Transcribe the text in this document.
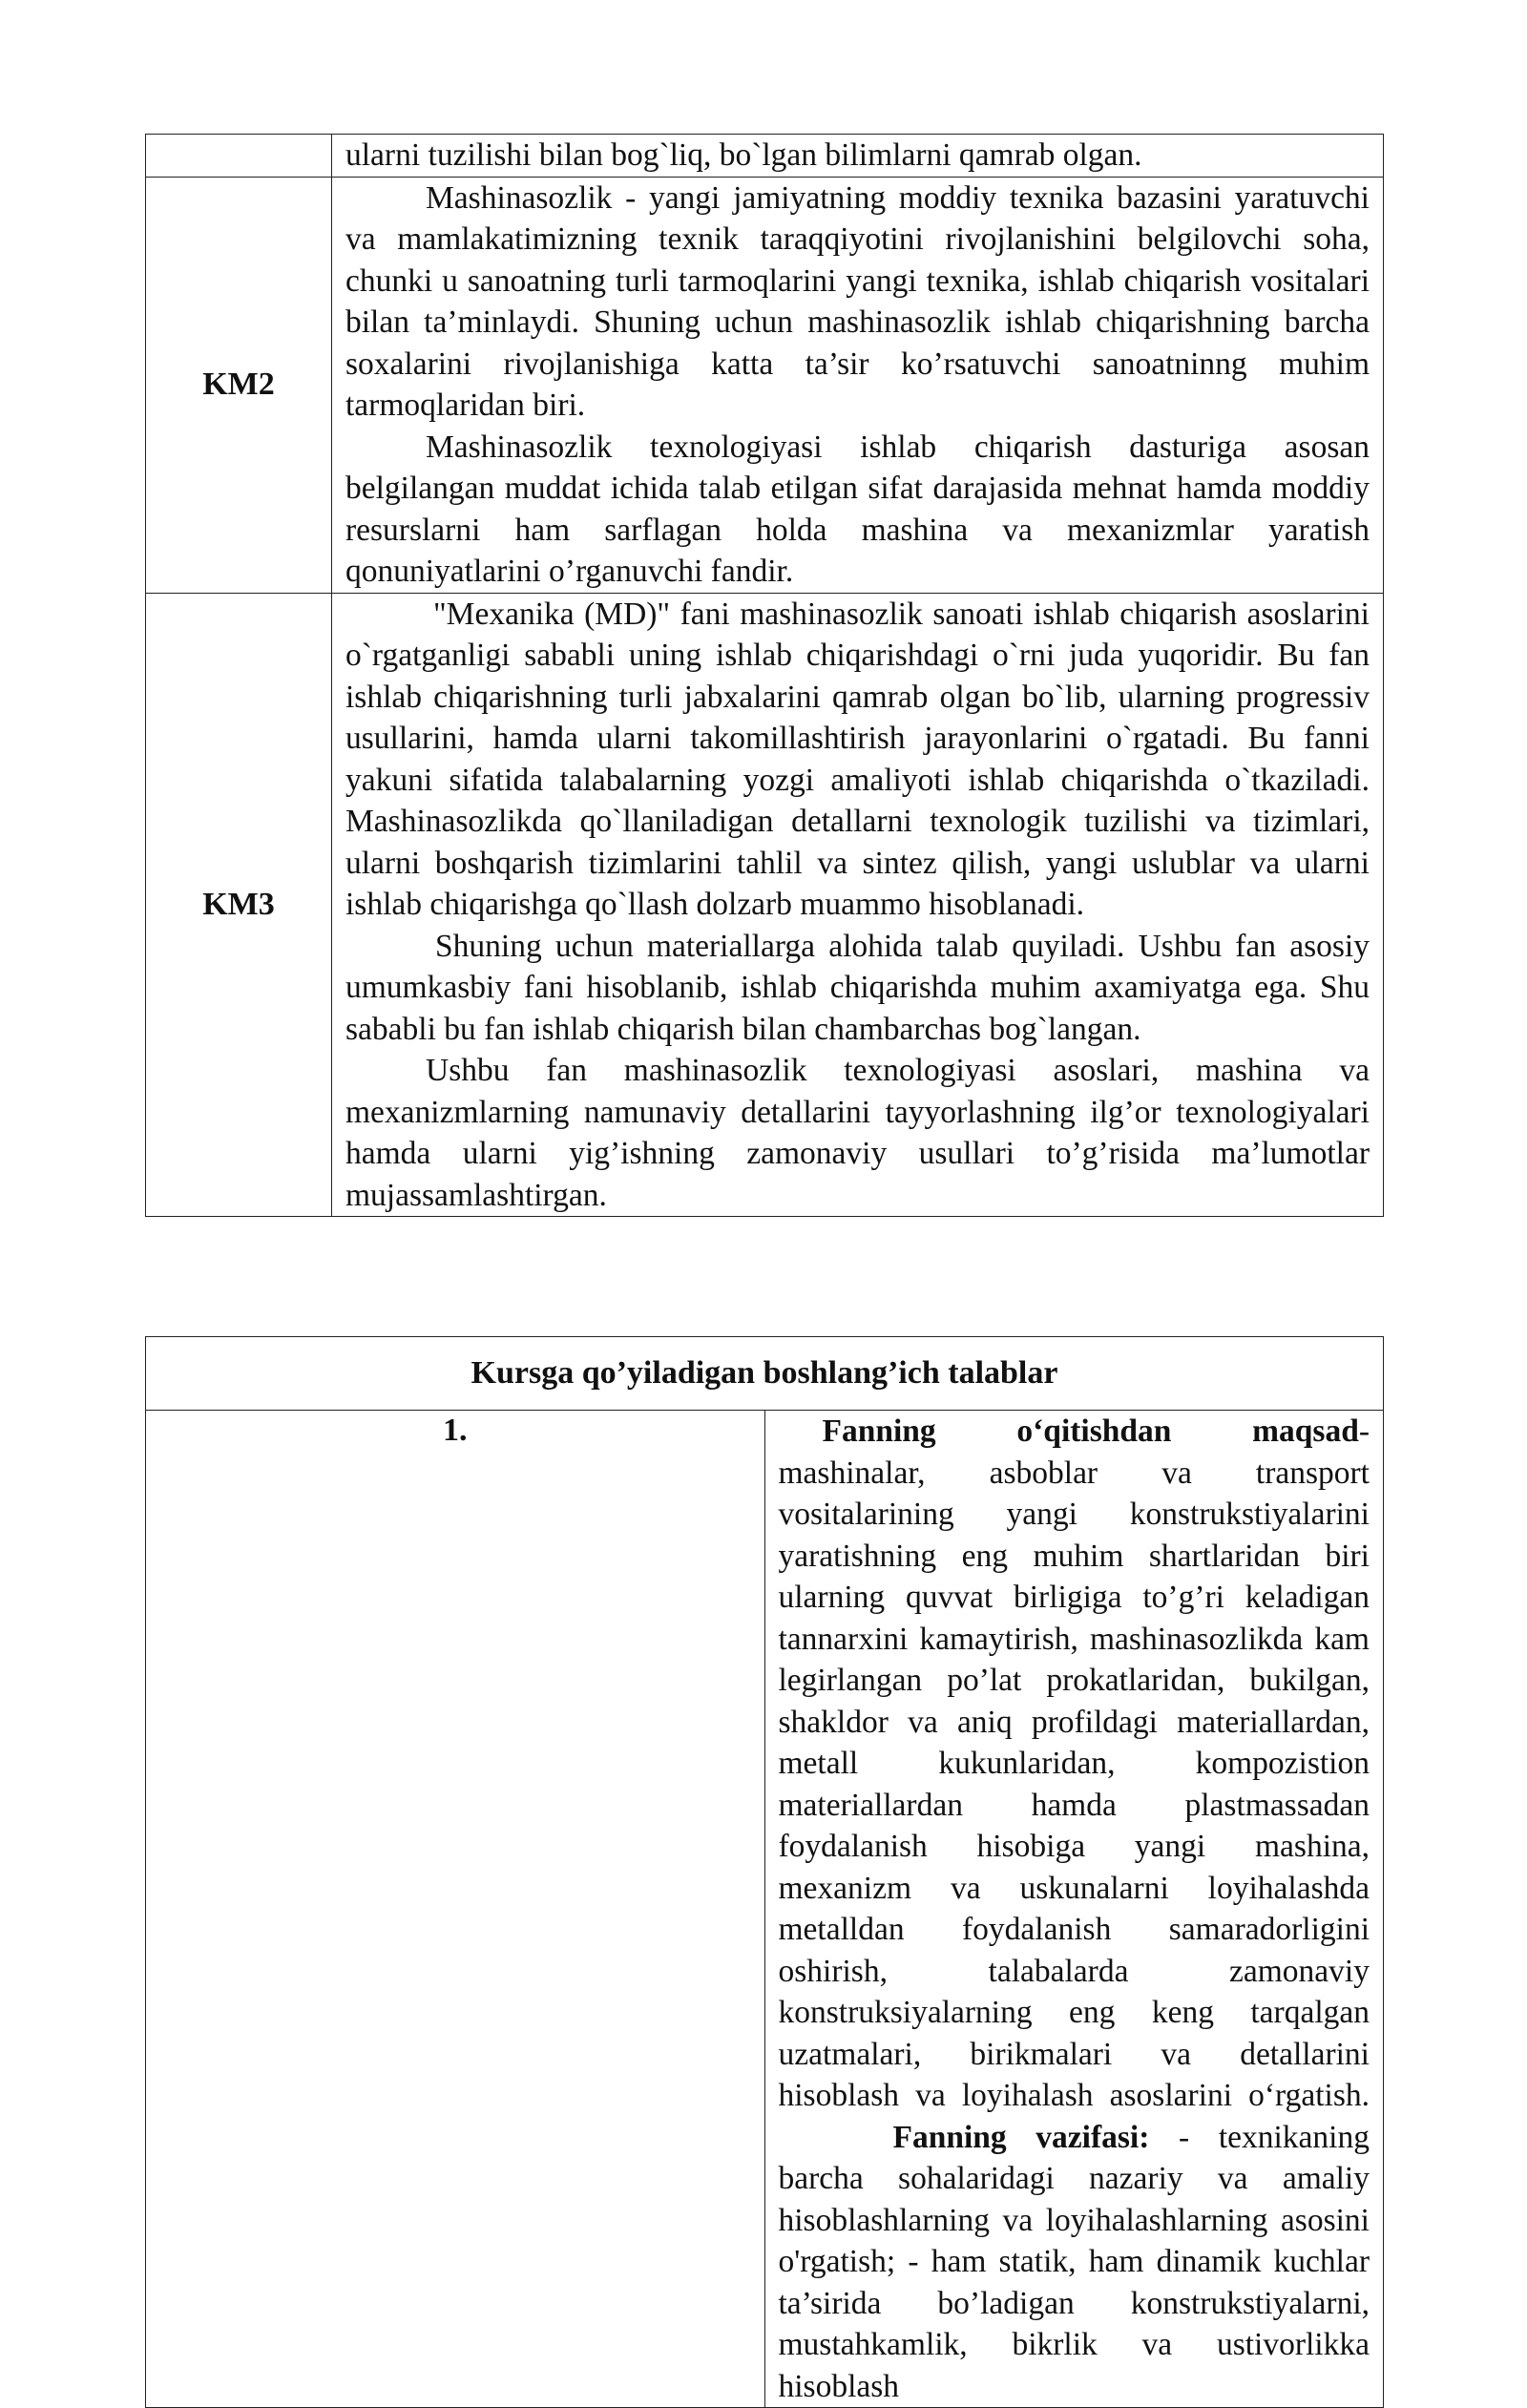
	ularni tuzilishi bilan bog`liq, bo`lgan bilimlarni qamrab olgan.

KM2	Mashinasozlik - yangi jamiyatning moddiy texnika bazasini yaratuvchi va mamlakatimizning texnik taraqqiyotini rivojlanishini belgilovchi soha, chunki u sanoatning turli tarmoqlarini yangi texnika, ishlab chiqarish vositalari bilan ta’minlaydi. Shuning uchun mashinasozlik ishlab chiqarishning barcha soxalarini rivojlanishiga katta ta’sir ko’rsatuvchi sanoatninng muhim tarmoqlaridan biri.

Mashinasozlik texnologiyasi ishlab chiqarish dasturiga asosan belgilangan muddat ichida talab etilgan sifat darajasida mehnat hamda moddiy resurslarni ham sarflagan holda mashina va mexanizmlar yaratish qonuniyatlarini o’rganuvchi fandir.

KM3	"Mexanika (MD)" fani mashinasozlik sanoati ishlab chiqarish asoslarini o`rgatganligi sababli uning ishlab chiqarishdagi o`rni juda yuqoridir. Bu fan ishlab chiqarishning turli jabxalarini qamrab olgan bo`lib, ularning progressiv usullarini, hamda ularni takomillashtirish jarayonlarini o`rgatadi. Bu fanni yakuni sifatida talabalarning yozgi amaliyoti ishlab chiqarishda o`tkaziladi. Mashinasozlikda qo`llaniladigan detallarni texnologik tuzilishi va tizimlari, ularni boshqarish tizimlarini tahlil va sintez qilish, yangi uslublar va ularni ishlab chiqarishga qo`llash dolzarb muammo hisoblanadi.

Shuning uchun materiallarga alohida talab quyiladi. Ushbu fan asosiy umumkasbiy fani hisoblanib, ishlab chiqarishda muhim axamiyatga ega. Shu sababli bu fan ishlab chiqarish bilan chambarchas bog`langan.

Ushbu fan mashinasozlik texnologiyasi asoslari, mashina va mexanizmlarning namunaviy detallarini tayyorlashning ilg’or texnologiyalari hamda ularni yig’ishning zamonaviy usullari to’g’risida ma’lumotlar mujassamlashtirgan.

Kursga qo’yiladigan boshlang’ich talablar
1.	Fanning o‘qitishdan maqsad- mashinalar, asboblar va transport vositalarining yangi konstrukstiyalarini yaratishning eng muhim shartlaridan biri ularning quvvat birligiga to’g’ri keladigan tannarxini kamaytirish, mashinasozlikda kam legirlangan po’lat prokatlaridan, bukilgan, shakldor va aniq profildagi materiallardan, metall kukunlaridan, kompozistion materiallardan hamda plastmassadan foydalanish hisobiga yangi mashina, mexanizm va uskunalarni loyihalashda metalldan foydalanish samaradorligini oshirish, talabalarda zamonaviy konstruksiyalarning eng keng tarqalgan uzatmalari, birikmalari va detallarini hisoblash va loyihalash asoslarini o‘rgatish.Fanning vazifasi: - texnikaning barcha sohalaridagi nazariy va amaliy hisoblashlarning va loyihalashlarning asosini o'rgatish; - ham statik, ham dinamik kuchlar ta’sirida bo’ladigan konstrukstiyalarni, mustahkamlik, bikrlik va ustivorlikka hisoblash
